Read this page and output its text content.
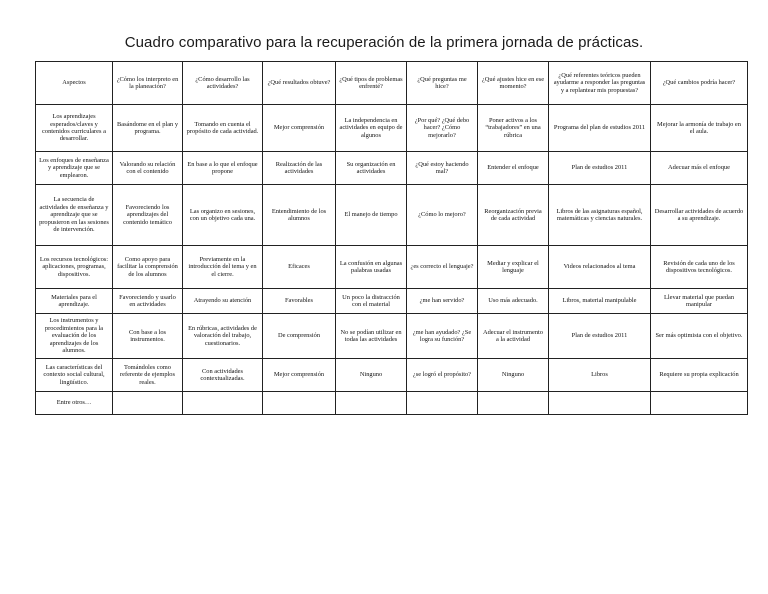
Cuadro comparativo para la recuperación de la primera jornada de prácticas.
Aspectos	¿Cómo los interpreto en la planeación?	¿Cómo desarrollo las actividades?	¿Qué resultados obtuve?	¿Qué tipos de problemas enfrenté?	¿Qué preguntas me hice?	¿Qué ajustes hice en ese momento?	¿Qué referentes teóricos pueden ayudarme a responder las preguntas y a replantear mis propuestas?	¿Qué cambios podría hacer?
Los aprendizajes esperados/claves y contenidos curriculares a desarrollar.	Basándome en el plan y programa.	Tomando en cuenta el propósito de cada actividad.	Mejor comprensión	La independencia en actividades en equipo de algunos	¿Por qué? ¿Qué debo hacer? ¿Cómo mejorarlo?	Poner activos a los “trabajadores” en una rúbrica	Programa del plan de estudios 2011	Mejorar la armonía de trabajo en el aula.
Los enfoques de enseñanza y aprendizaje que se emplearon.	Valorando su relación con el contenido	En base a lo que el enfoque propone	Realización de las actividades	Su organización en actividades	¿Qué estoy haciendo mal?	Entender el enfoque	Plan de estudios 2011	Adecuar más el enfoque
La secuencia de actividades de enseñanza y aprendizaje que se propusieron en las sesiones de intervención.	Favoreciendo los aprendizajes del contenido temático	Las organizo en sesiones, con un objetivo cada una.	Entendimiento de los alumnos	El manejo de tiempo	¿Cómo lo mejoro?	Reorganización previa de cada actividad	Libros de las asignaturas español, matemáticas y ciencias naturales.	Desarrollar actividades de acuerdo a su aprendizaje.
Los recursos tecnológicos: aplicaciones, programas, dispositivos.	Como apoyo para facilitar la comprensión de los alumnos	Previamente en la introducción del tema y en el cierre.	Eficaces	La confusión en algunas palabras usadas	¿es correcto el lenguaje?	Mediar y explicar el lenguaje	Videos relacionados al tema	Revisión de cada uno de los dispositivos tecnológicos.
Materiales para el aprendizaje.	Favoreciendo y usarlo en actividades	Atrayendo su atención	Favorables	Un poco la distracción con el material	¿me han servido?	Uso más adecuado.	Libros, material manipulable	Llevar material que puedan manipular
Los instrumentos y procedimientos para la evaluación de los aprendizajes de los alumnos.	Con base a los instrumentos.	En rúbricas, actividades de valoración del trabajo, cuestionarios.	De comprensión	No se podían utilizar en todas las actividades	¿me han ayudado? ¿Se logra su función?	Adecuar el instrumento a la actividad	Plan de estudios 2011	Ser más optimista con el objetivo.
Las características del contexto social cultural, lingüístico.	Tomándoles como referente de ejemplos reales.	Con actividades contextualizadas.	Mejor comprensión	Ninguno	¿se logró el propósito?	Ninguno	Libros	Requiere su propia explicación
Entre otros…								
